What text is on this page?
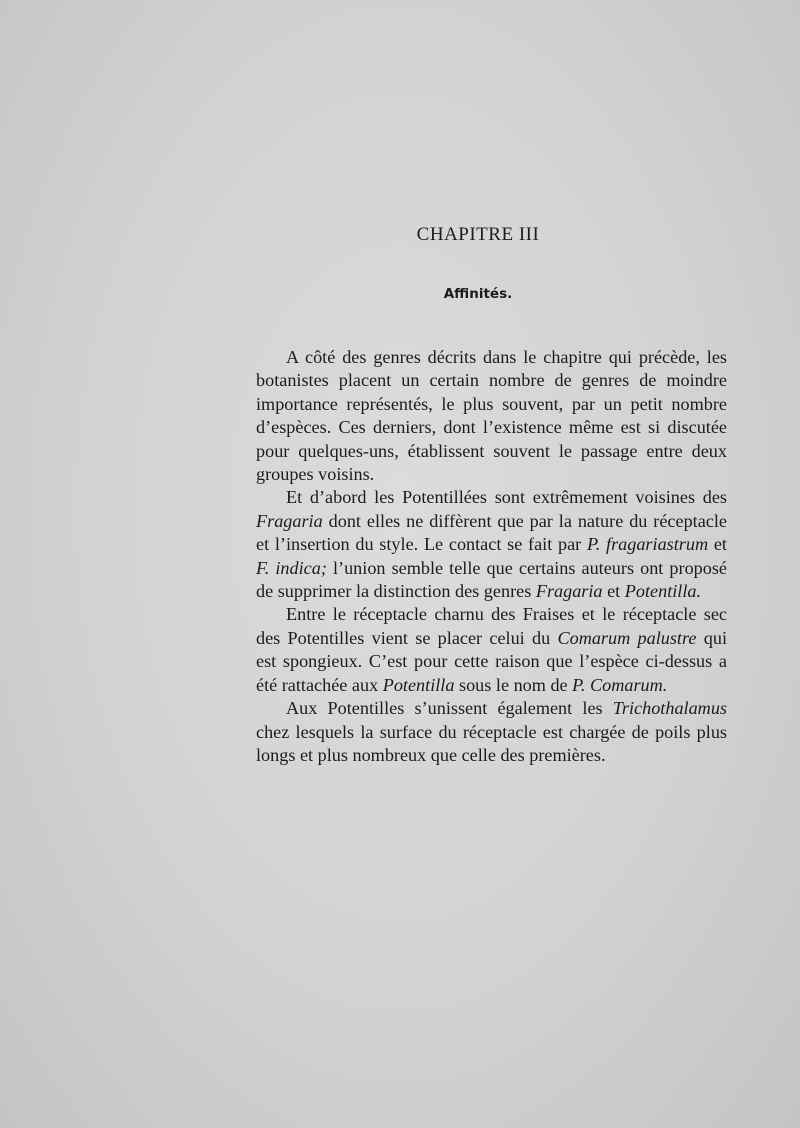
CHAPITRE III
Affinités.

A côté des genres décrits dans le chapitre qui précède, les botanistes placent un certain nombre de genres de moindre importance représentés, le plus souvent, par un petit nombre d’espèces. Ces derniers, dont l’existence même est si discutée pour quelques-uns, établissent souvent le passage entre deux groupes voisins.

Et d’abord les Potentillées sont extrêmement voisines des Fragaria dont elles ne diffèrent que par la nature du réceptacle et l’insertion du style. Le contact se fait par P. fragariastrum et F. indica; l’union semble telle que certains auteurs ont proposé de supprimer la distinction des genres Fragaria et Potentilla.

Entre le réceptacle charnu des Fraises et le réceptacle sec des Potentilles vient se placer celui du Comarum palustre qui est spongieux. C’est pour cette raison que l’espèce ci-dessus a été rattachée aux Potentilla sous le nom de P. Comarum.

Aux Potentilles s’unissent également les Trichothalamus chez lesquels la surface du réceptacle est chargée de poils plus longs et plus nombreux que celle des premières.
